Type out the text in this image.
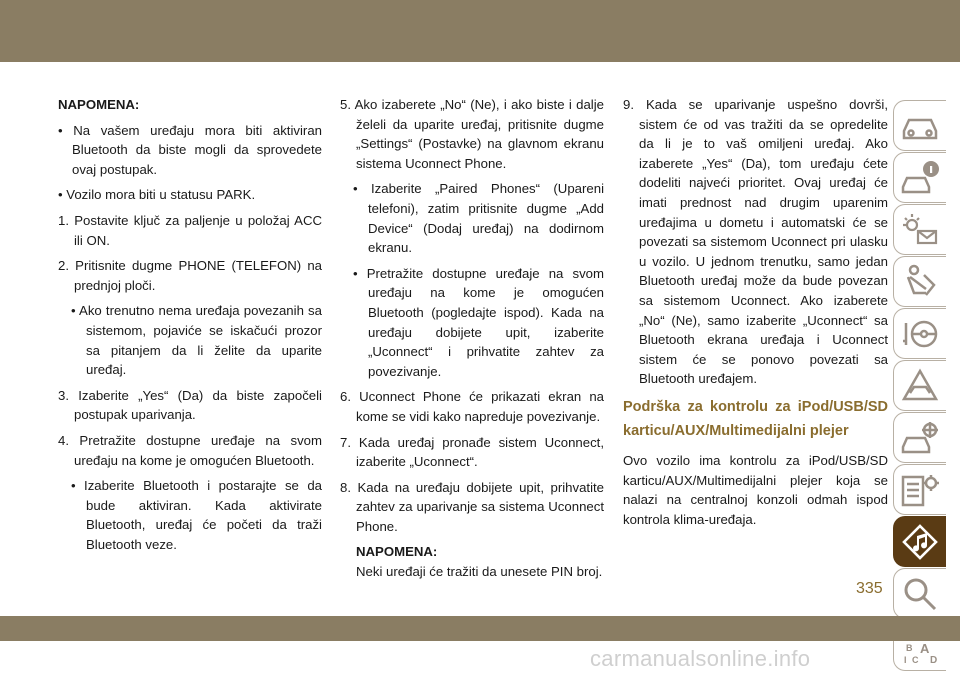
NAPOMENA:
• Na vašem uređaju mora biti aktiviran Bluetooth da biste mogli da sprovedete ovaj postupak.
• Vozilo mora biti u statusu PARK.
1. Postavite ključ za paljenje u položaj ACC ili ON.
2. Pritisnite dugme PHONE (TELEFON) na prednjoj ploči.
• Ako trenutno nema uređaja povezanih sa sistemom, pojaviće se iskačući prozor sa pitanjem da li želite da uparite uređaj.
3. Izaberite „Yes“ (Da) da biste započeli postupak uparivanja.
4. Pretražite dostupne uređaje na svom uređaju na kome je omogućen Bluetooth.
• Izaberite Bluetooth i postarajte se da bude aktiviran. Kada aktivirate Bluetooth, uređaj će početi da traži Bluetooth veze.
5. Ako izaberete „No“ (Ne), i ako biste i dalje želeli da uparite uređaj, pritisnite dugme „Settings“ (Postavke) na glavnom ekranu sistema Uconnect Phone.
• Izaberite „Paired Phones“ (Upareni telefoni), zatim pritisnite dugme „Add Device“ (Dodaj uređaj) na dodirnom ekranu.
• Pretražite dostupne uređaje na svom uređaju na kome je omogućen Bluetooth (pogledajte ispod). Kada na uređaju dobijete upit, izaberite „Uconnect“ i prihvatite zahtev za povezivanje.
6. Uconnect Phone će prikazati ekran na kome se vidi kako napreduje povezivanje.
7. Kada uređaj pronađe sistem Uconnect, izaberite „Uconnect“.
8. Kada na uređaju dobijete upit, prihvatite zahtev za uparivanje sa sistema Uconnect Phone.
NAPOMENA:
Neki uređaji će tražiti da unesete PIN broj.
9. Kada se uparivanje uspešno dovrši, sistem će od vas tražiti da se opredelite da li je to vaš omiljeni uređaj. Ako izaberete „Yes“ (Da), tom uređaju ćete dodeliti najveći prioritet. Ovaj uređaj će imati prednost nad drugim uparenim uređajima u dometu i automatski će se povezati sa sistemom Uconnect pri ulasku u vozilo. U jednom trenutku, samo jedan Bluetooth uređaj može da bude povezan sa sistemom Uconnect. Ako izaberete „No“ (Ne), samo izaberite „Uconnect“ sa Bluetooth ekrana uređaja i Uconnect sistem će se ponovo povezati sa Bluetooth uređajem.
Podrška za kontrolu za iPod/USB/SD karticu/AUX/Multimedijalni plejer
Ovo vozilo ima kontrolu za iPod/USB/SD karticu/AUX/Multimedijalni plejer koja se nalazi na centralnoj konzoli odmah ispod kontrola klima-uređaja.
B A
I C D
335
carmanualsonline.info
